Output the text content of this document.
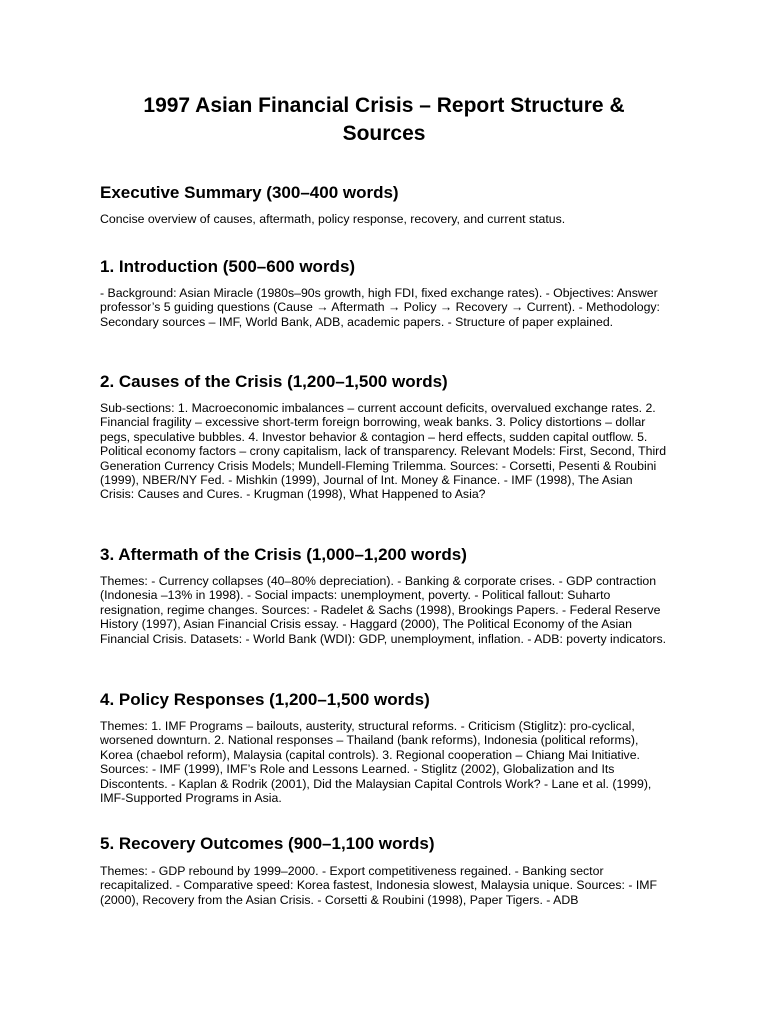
1997 Asian Financial Crisis – Report Structure & Sources
Executive Summary (300–400 words)

Concise overview of causes, aftermath, policy response, recovery, and current status.

1. Introduction (500–600 words)

- Background: Asian Miracle (1980s–90s growth, high FDI, fixed exchange rates). - Objectives: Answer professor’s 5 guiding questions (Cause → Aftermath → Policy → Recovery → Current). - Methodology: Secondary sources – IMF, World Bank, ADB, academic papers. - Structure of paper explained.

2. Causes of the Crisis (1,200–1,500 words)

Sub-sections: 1. Macroeconomic imbalances – current account deficits, overvalued exchange rates. 2. Financial fragility – excessive short-term foreign borrowing, weak banks. 3. Policy distortions – dollar pegs, speculative bubbles. 4. Investor behavior & contagion – herd effects, sudden capital outflow. 5. Political economy factors – crony capitalism, lack of transparency. Relevant Models: First, Second, Third Generation Currency Crisis Models; Mundell-Fleming Trilemma. Sources: - Corsetti, Pesenti & Roubini (1999), NBER/NY Fed. - Mishkin (1999), Journal of Int. Money & Finance. - IMF (1998), The Asian Crisis: Causes and Cures. - Krugman (1998), What Happened to Asia?

3. Aftermath of the Crisis (1,000–1,200 words)

Themes: - Currency collapses (40–80% depreciation). - Banking & corporate crises. - GDP contraction (Indonesia –13% in 1998). - Social impacts: unemployment, poverty. - Political fallout: Suharto resignation, regime changes. Sources: - Radelet & Sachs (1998), Brookings Papers. - Federal Reserve History (1997), Asian Financial Crisis essay. - Haggard (2000), The Political Economy of the Asian Financial Crisis. Datasets: - World Bank (WDI): GDP, unemployment, inflation. - ADB: poverty indicators.

4. Policy Responses (1,200–1,500 words)

Themes: 1. IMF Programs – bailouts, austerity, structural reforms. - Criticism (Stiglitz): pro-cyclical, worsened downturn. 2. National responses – Thailand (bank reforms), Indonesia (political reforms), Korea (chaebol reform), Malaysia (capital controls). 3. Regional cooperation – Chiang Mai Initiative. Sources: - IMF (1999), IMF’s Role and Lessons Learned. - Stiglitz (2002), Globalization and Its Discontents. - Kaplan & Rodrik (2001), Did the Malaysian Capital Controls Work? - Lane et al. (1999), IMF-Supported Programs in Asia.

5. Recovery Outcomes (900–1,100 words)

Themes: - GDP rebound by 1999–2000. - Export competitiveness regained. - Banking sector recapitalized. - Comparative speed: Korea fastest, Indonesia slowest, Malaysia unique. Sources: - IMF (2000), Recovery from the Asian Crisis. - Corsetti & Roubini (1998), Paper Tigers. - ADB
